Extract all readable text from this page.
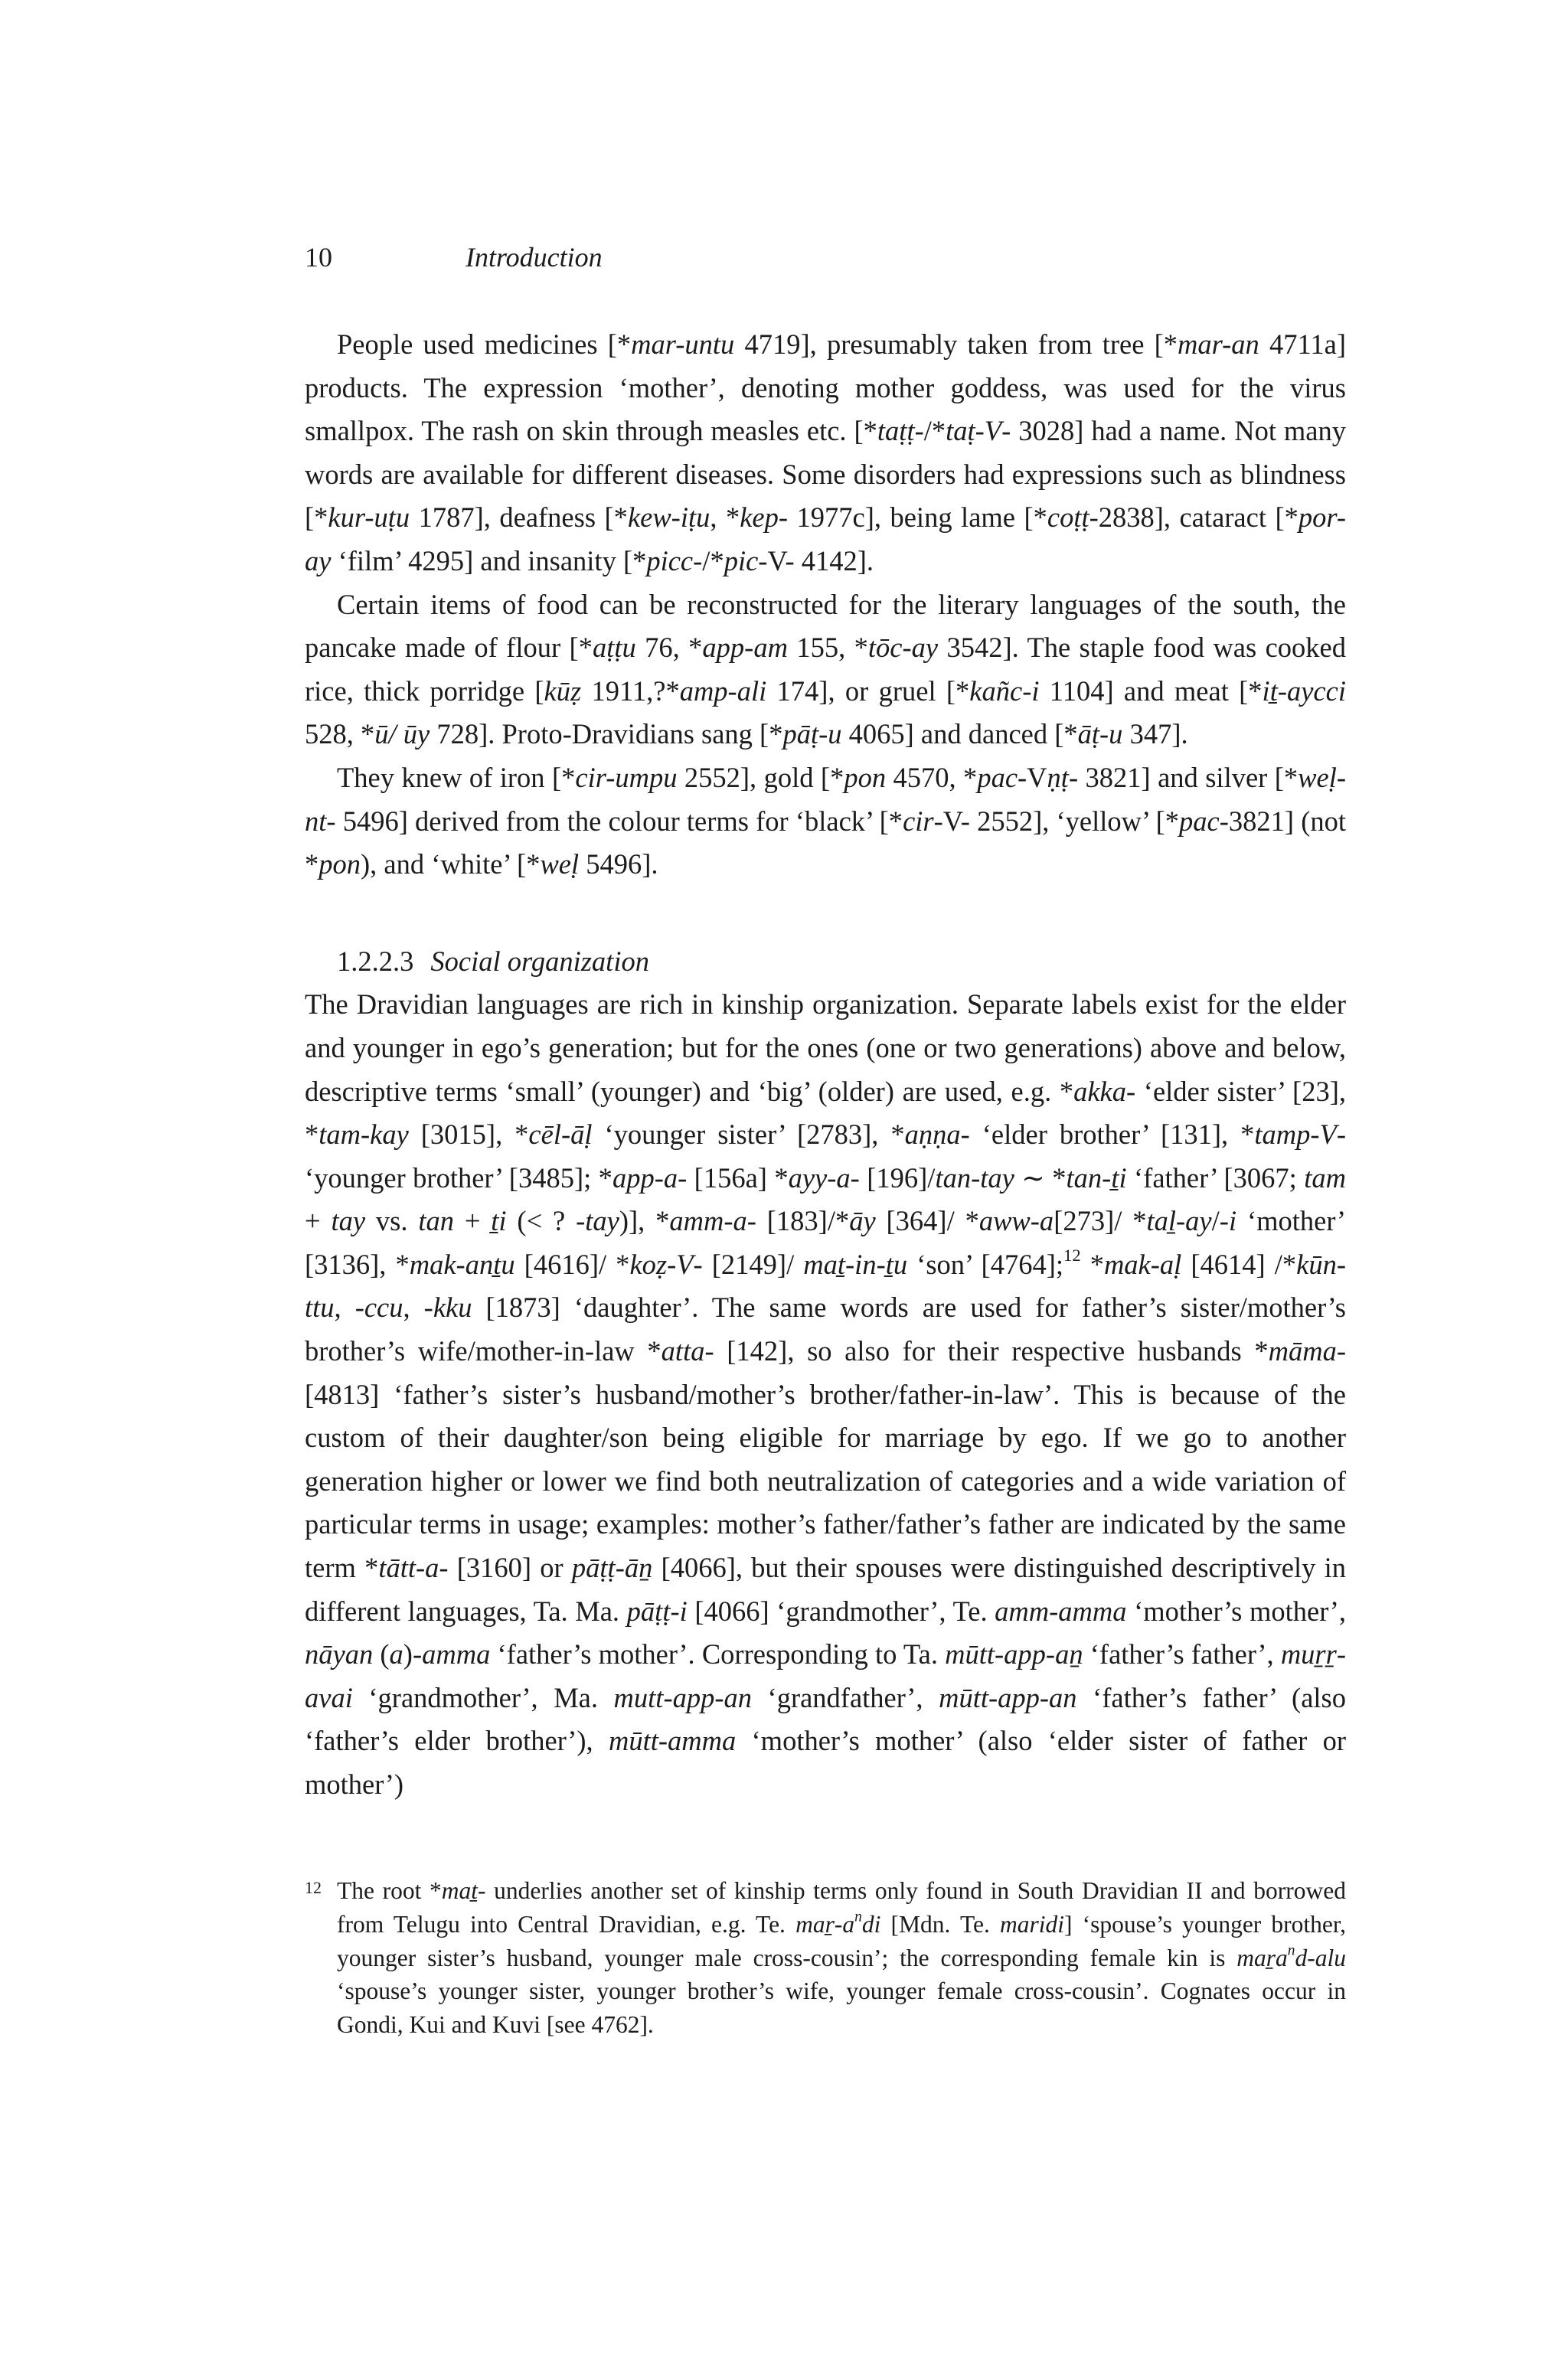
10	Introduction

People used medicines [*mar-untu 4719], presumably taken from tree [*mar-an 4711a] products. The expression ‘mother’, denoting mother goddess, was used for the virus smallpox. The rash on skin through measles etc. [*taṭṭ-/*taṭ-V- 3028] had a name. Not many words are available for different diseases. Some disorders had expressions such as blindness [*kur-uṭu 1787], deafness [*kew-iṭu, *kep- 1977c], being lame [*coṭṭ-2838], cataract [*por-ay ‘film’ 4295] and insanity [*picc-/*pic-V- 4142].

Certain items of food can be reconstructed for the literary languages of the south, the pancake made of flour [*aṭṭu 76, *app-am 155, *tōc-ay 3542]. The staple food was cooked rice, thick porridge [kūẓ 1911,?*amp-ali 174], or gruel [*kañc-i 1104] and meat [*iṯ-aycci 528, *ū/ ūy 728]. Proto-Dravidians sang [*pāṭ-u 4065] and danced [*āṭ-u 347].

They knew of iron [*cir-umpu 2552], gold [*pon 4570, *pac-Vṇṭ- 3821] and silver [*weḷ-nt- 5496] derived from the colour terms for ‘black’ [*cir-V- 2552], ‘yellow’ [*pac-3821] (not *pon), and ‘white’ [*weḷ 5496].

1.2.2.3 Social organization

The Dravidian languages are rich in kinship organization. Separate labels exist for the elder and younger in ego’s generation; but for the ones (one or two generations) above and below, descriptive terms ‘small’ (younger) and ‘big’ (older) are used, e.g. *akka- ‘elder sister’ [23], *tam-kay [3015], *cēl-āḷ ‘younger sister’ [2783], *aṇṇa- ‘elder brother’ [131], *tamp-V- ‘younger brother’ [3485]; *app-a- [156a] *ayy-a- [196]/tan-tay ∼ *tan-ṯi ‘father’ [3067; tam + tay vs. tan + ṯi (< ? -tay)], *amm-a- [183]/*āy [364]/ *aww-a[273]/ *taḻ-ay/-i ‘mother’ [3136], *mak-anṯu [4616]/ *koẓ-V- [2149]/ maṯ-in-ṯu ‘son’ [4764];$^{12}$ *mak-aḷ [4614] /*kūn-ttu, -ccu, -kku [1873] ‘daughter’. The same words are used for father’s sister/mother’s brother’s wife/mother-in-law *atta- [142], so also for their respective husbands *māma- [4813] ‘father’s sister’s husband/mother’s brother/father-in-law’. This is because of the custom of their daughter/son being eligible for marriage by ego. If we go to another generation higher or lower we find both neutralization of categories and a wide variation of particular terms in usage; examples: mother’s father/father’s father are indicated by the same term *tātt-a- [3160] or pāṭṭ-āṉ [4066], but their spouses were distinguished descriptively in different languages, Ta. Ma. pāṭṭ-i [4066] ‘grandmother’, Te. amm-amma ‘mother’s mother’, nāyan (a)-amma ‘father’s mother’. Corresponding to Ta. mūtt-app-aṉ ‘father’s father’, muṟṟ-avai ‘grandmother’, Ma. mutt-app-an ‘grandfather’, mūtt-app-an ‘father’s father’ (also ‘father’s elder brother’), mūtt-amma ‘mother’s mother’ (also ‘elder sister of father or mother’)

12 The root *maṯ- underlies another set of kinship terms only found in South Dravidian II and borrowed from Telugu into Central Dravidian, e.g. Te. maṟ-$a^ndi$ [Mdn. Te. maridi] ‘spouse’s younger brother, younger sister’s husband, younger male cross-cousin’; the corresponding female kin is maṟa$^n$d-alu ‘spouse’s younger sister, younger brother’s wife, younger female cross-cousin’. Cognates occur in Gondi, Kui and Kuvi [see 4762].
